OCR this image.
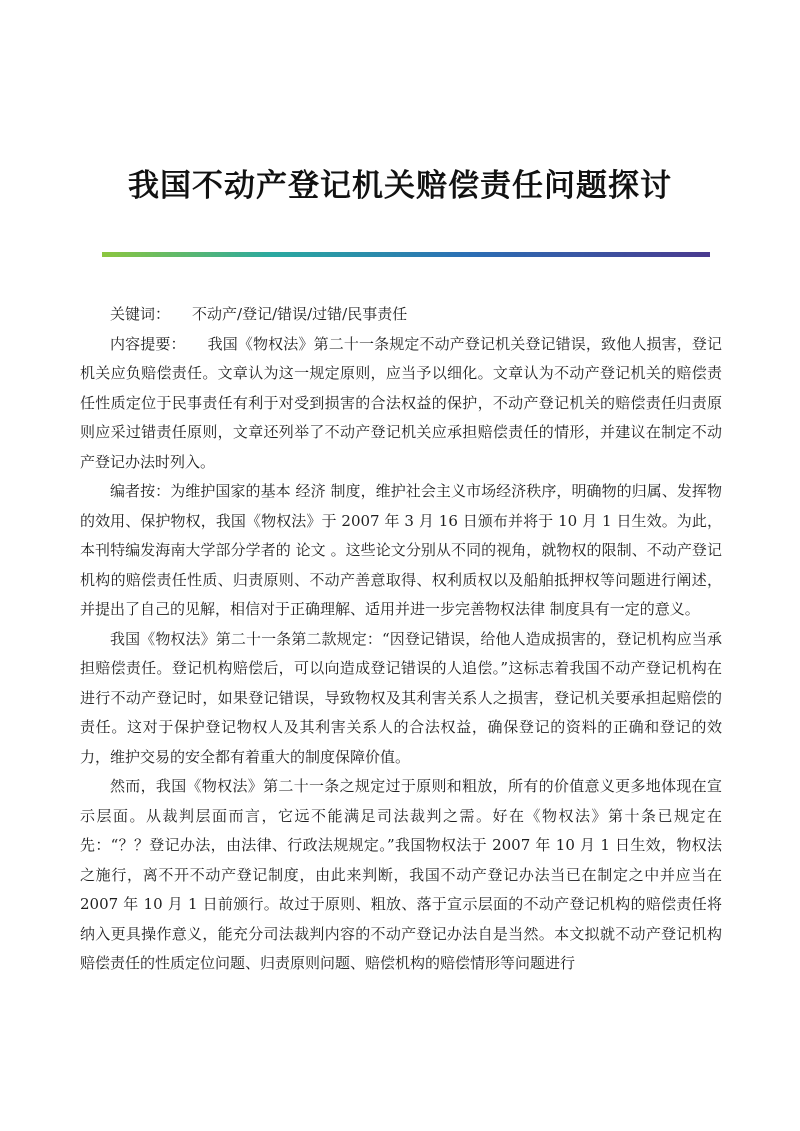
我国不动产登记机关赔偿责任问题探讨

关键词： 不动产/登记/错误/过错/民事责任

内容提要： 我国《物权法》第二十一条规定不动产登记机关登记错误，致他人损害，登记机关应负赔偿责任。文章认为这一规定原则，应当予以细化。文章认为不动产登记机关的赔偿责任性质定位于民事责任有利于对受到损害的合法权益的保护，不动产登记机关的赔偿责任归责原则应采过错责任原则，文章还列举了不动产登记机关应承担赔偿责任的情形，并建议在制定不动产登记办法时列入。

编者按：为维护国家的基本 经济 制度，维护社会主义市场经济秩序，明确物的归属、发挥物的效用、保护物权，我国《物权法》于 2007 年 3 月 16 日颁布并将于 10 月 1 日生效。为此，本刊特编发海南大学部分学者的 论文 。这些论文分别从不同的视角，就物权的限制、不动产登记机构的赔偿责任性质、归责原则、不动产善意取得、权利质权以及船舶抵押权等问题进行阐述，并提出了自己的见解，相信对于正确理解、适用并进一步完善物权法律 制度具有一定的意义。

我国《物权法》第二十一条第二款规定：“因登记错误，给他人造成损害的，登记机构应当承担赔偿责任。登记机构赔偿后，可以向造成登记错误的人追偿。”这标志着我国不动产登记机构在进行不动产登记时，如果登记错误，导致物权及其利害关系人之损害，登记机关要承担起赔偿的责任。这对于保护登记物权人及其利害关系人的合法权益，确保登记的资料的正确和登记的效力，维护交易的安全都有着重大的制度保障价值。

然而，我国《物权法》第二十一条之规定过于原则和粗放，所有的价值意义更多地体现在宣示层面。从裁判层面而言，它远不能满足司法裁判之需。好在《物权法》第十条已规定在先：“？？登记办法，由法律、行政法规规定。”我国物权法于 2007 年 10 月 1 日生效，物权法之施行，离不开不动产登记制度，由此来判断，我国不动产登记办法当已在制定之中并应当在 2007 年 10 月 1 日前颁行。故过于原则、粗放、落于宣示层面的不动产登记机构的赔偿责任将纳入更具操作意义，能充分司法裁判内容的不动产登记办法自是当然。本文拟就不动产登记机构赔偿责任的性质定位问题、归责原则问题、赔偿机构的赔偿情形等问题进行
